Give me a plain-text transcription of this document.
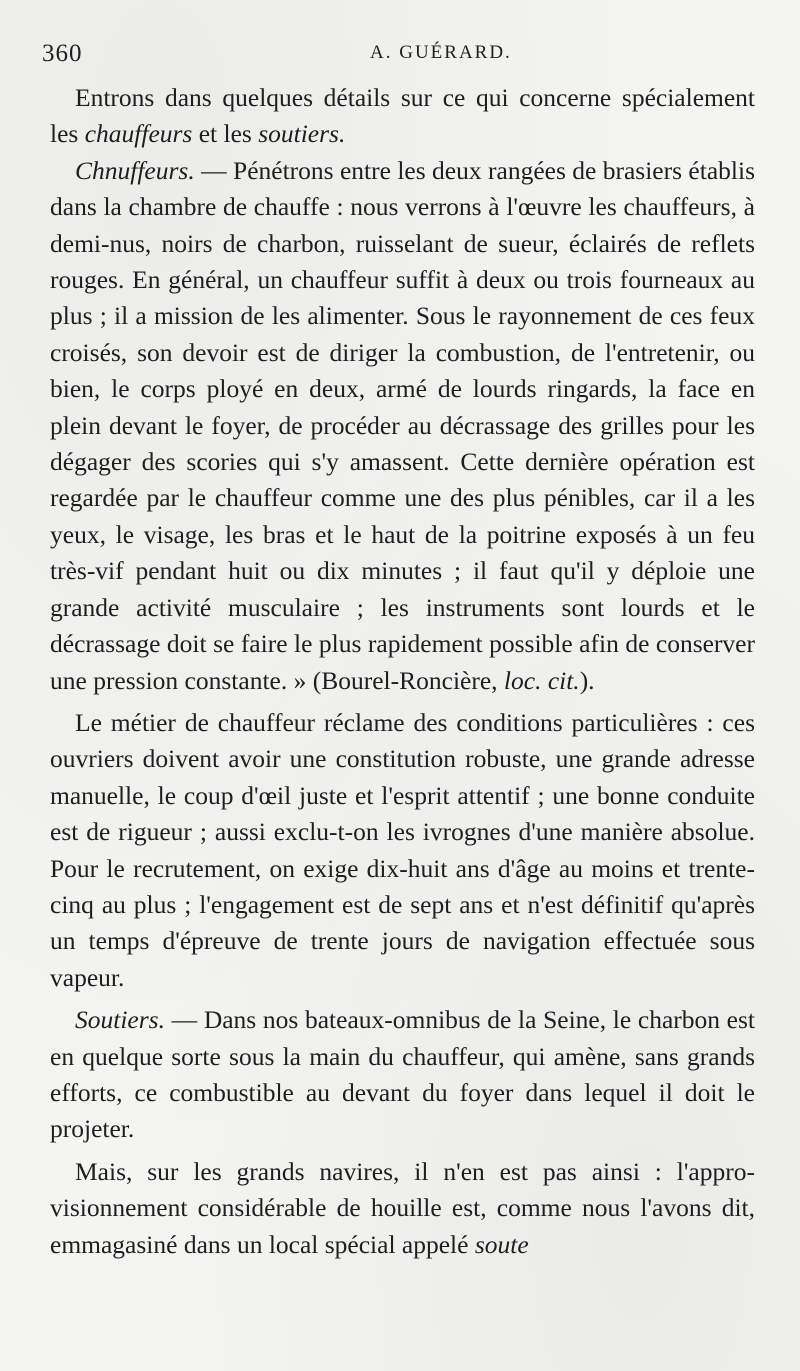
360	A. GUÉRARD.

Entrons dans quelques détails sur ce qui concerne spécialement les chauffeurs et les soutiers.

Chnuffeurs. — Pénétrons entre les deux rangées de brasiers établis dans la chambre de chauffe : nous verrons à l'œuvre les chauffeurs, à demi-nus, noirs de charbon, ruisselant de sueur, éclairés de reflets rouges. En général, un chauffeur suffit à deux ou trois fourneaux au plus ; il a mission de les alimenter. Sous le rayonnement de ces feux croisés, son devoir est de diriger la combustion, de l'entretenir, ou bien, le corps ployé en deux, armé de lourds ringards, la face en plein devant le foyer, de procéder au décrassage des grilles pour les dégager des scories qui s'y amassent. Cette dernière opération est regardée par le chauffeur comme une des plus pénibles, car il a les yeux, le visage, les bras et le haut de la poitrine exposés à un feu très-vif pendant huit ou dix minutes ; il faut qu'il y déploie une grande activité musculaire ; les instruments sont lourds et le décrassage doit se faire le plus rapidement possible afin de conserver une pression constante. » (Bourel-Roncière, loc. cit.).

Le métier de chauffeur réclame des conditions particulières : ces ouvriers doivent avoir une constitution robuste, une grande adresse manuelle, le coup d'œil juste et l'esprit attentif ; une bonne conduite est de rigueur ; aussi exclu-t-on les ivrognes d'une manière absolue. Pour le recrutement, on exige dix-huit ans d'âge au moins et trente-cinq au plus ; l'engagement est de sept ans et n'est définitif qu'après un temps d'épreuve de trente jours de navigation effectuée sous vapeur.

Soutiers. — Dans nos bateaux-omnibus de la Seine, le charbon est en quelque sorte sous la main du chauffeur, qui amène, sans grands efforts, ce combustible au devant du foyer dans lequel il doit le projeter.

Mais, sur les grands navires, il n'en est pas ainsi : l'approvisionnement considérable de houille est, comme nous l'avons dit, emmagasiné dans un local spécial appelé soute
